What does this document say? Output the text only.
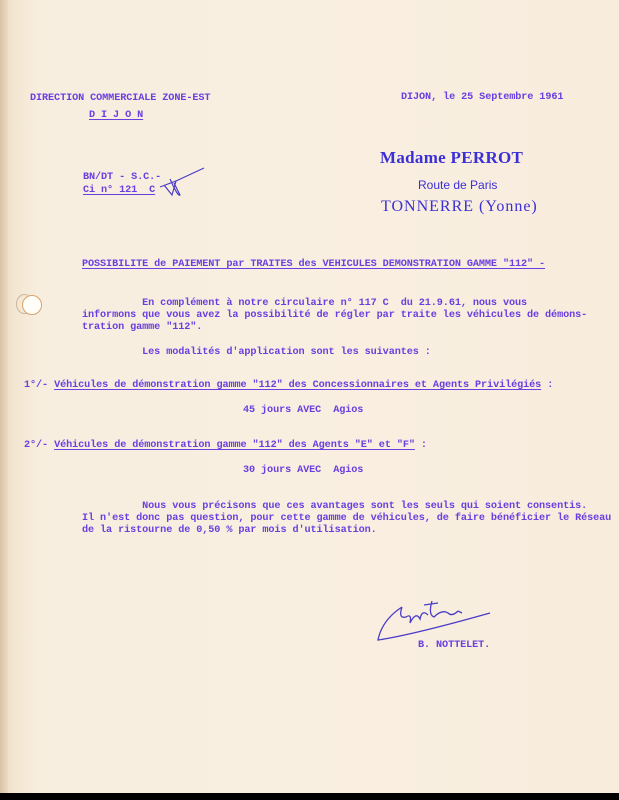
DIRECTION COMMERCIALE ZONE-EST
D I J O N
DIJON, le 25 Septembre 1961
Madame PERROT
Route de Paris
TONNERRE (Yonne)
BN/DT - S.C.-
Ci n° 121  C
POSSIBILITE de PAIEMENT par TRAITES des VEHICULES DEMONSTRATION GAMME "112" -
En complément à notre circulaire n° 117 C  du 21.9.61, nous vous
informons que vous avez la possibilité de régler par traite les véhicules de démons-
tration gamme "112".
Les modalités d'application sont les suivantes :
1°/- Véhicules de démonstration gamme "112" des Concessionnaires et Agents Privilégiés :
45 jours AVEC  Agios
2°/- Véhicules de démonstration gamme "112" des Agents "E" et "F" :
30 jours AVEC  Agios
Nous vous précisons que ces avantages sont les seuls qui soient consentis.
Il n'est donc pas question, pour cette gamme de véhicules, de faire bénéficier le Réseau
de la ristourne de 0,50 % par mois d'utilisation.
B. NOTTELET.
